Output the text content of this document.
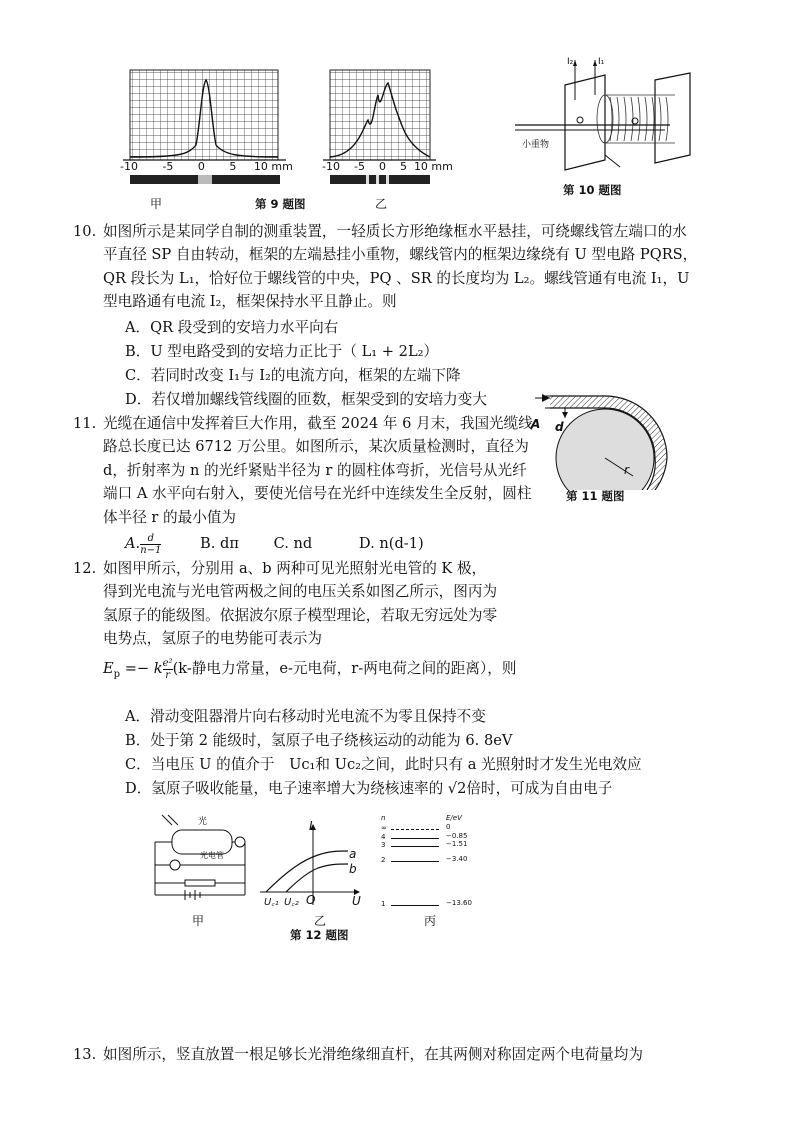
-10 -5 0 5 10 mm	-10 -5 0 5 10 mm
甲	第 9 题图	乙
小重物
I₂	I₁
第 10 题图
10. 如图所示是某同学自制的测重装置，一轻质长方形绝缘框水平悬挂，可绕螺线管左端口的水平直径 SP 自由转动，框架的左端悬挂小重物，螺线管内的框架边缘绕有 U 型电路 PQRS，QR 段长为 L₁，恰好位于螺线管的中央，PQ 、SR 的长度均为 L₂。螺线管通有电流 I₁，U 型电路通有电流 I₂，框架保持水平且静止。则

A．QR 段受到的安培力水平向右
B．U 型电路受到的安培力正比于（ L₁ + 2L₂）
C．若同时改变 I₁与 I₂的电流方向，框架的左端下降
D．若仅增加螺线管线圈的匝数，框架受到的安培力变大
11. 光缆在通信中发挥着巨大作用，截至 2024 年 6 月末，我国光缆线路总长度已达 6712 万公里。如图所示，某次质量检测时，直径为 d，折射率为 n 的光纤紧贴半径为 r 的圆柱体弯折，光信号从光纤端口 A 水平向右射入，要使光信号在光纤中连续发生全反射，圆柱体半径 r 的最小值为

A. $\frac{d}{n-1}$	B. dπ C. nd	D. n(d-1)
A d
r
第 11 题图
12. 如图甲所示，分别用 a、b 两种可见光照射光电管的 K 极，得到光电流与光电管两极之间的电压关系如图乙所示，图丙为氢原子的能级图。依据波尔原子模型理论，若取无穷远处为零电势点，氢原子的电势能可表示为

$E_p =- k \frac{\text{e²}}{r} (k-$静电力常量，e-元电荷，r-两电荷之间的距离），则
A．滑动变阻器滑片向右移动时光电流不为零且保持不变
B．处于第 2 能级时，氢原子电子绕核运动的动能为 6. 8eV
C．当电压 U 的值介于　Uc₁和 Uc₂之间，此时只有 a 光照射时才发生光电效应
D．氢原子吸收能量，电子速率增大为绕核速率的 √2倍时，可成为自由电子
光
光电管
甲
I
U
O
a
b
U꜀₁ U꜀₂
乙
n	E/eV
∞	0
4	−0.85
3	−1.51
2	−3.40
1	−13.60
丙
第 12 题图
13. 如图所示，竖直放置一根足够长光滑绝缘细直杆，在其两侧对称固定两个电荷量均为
